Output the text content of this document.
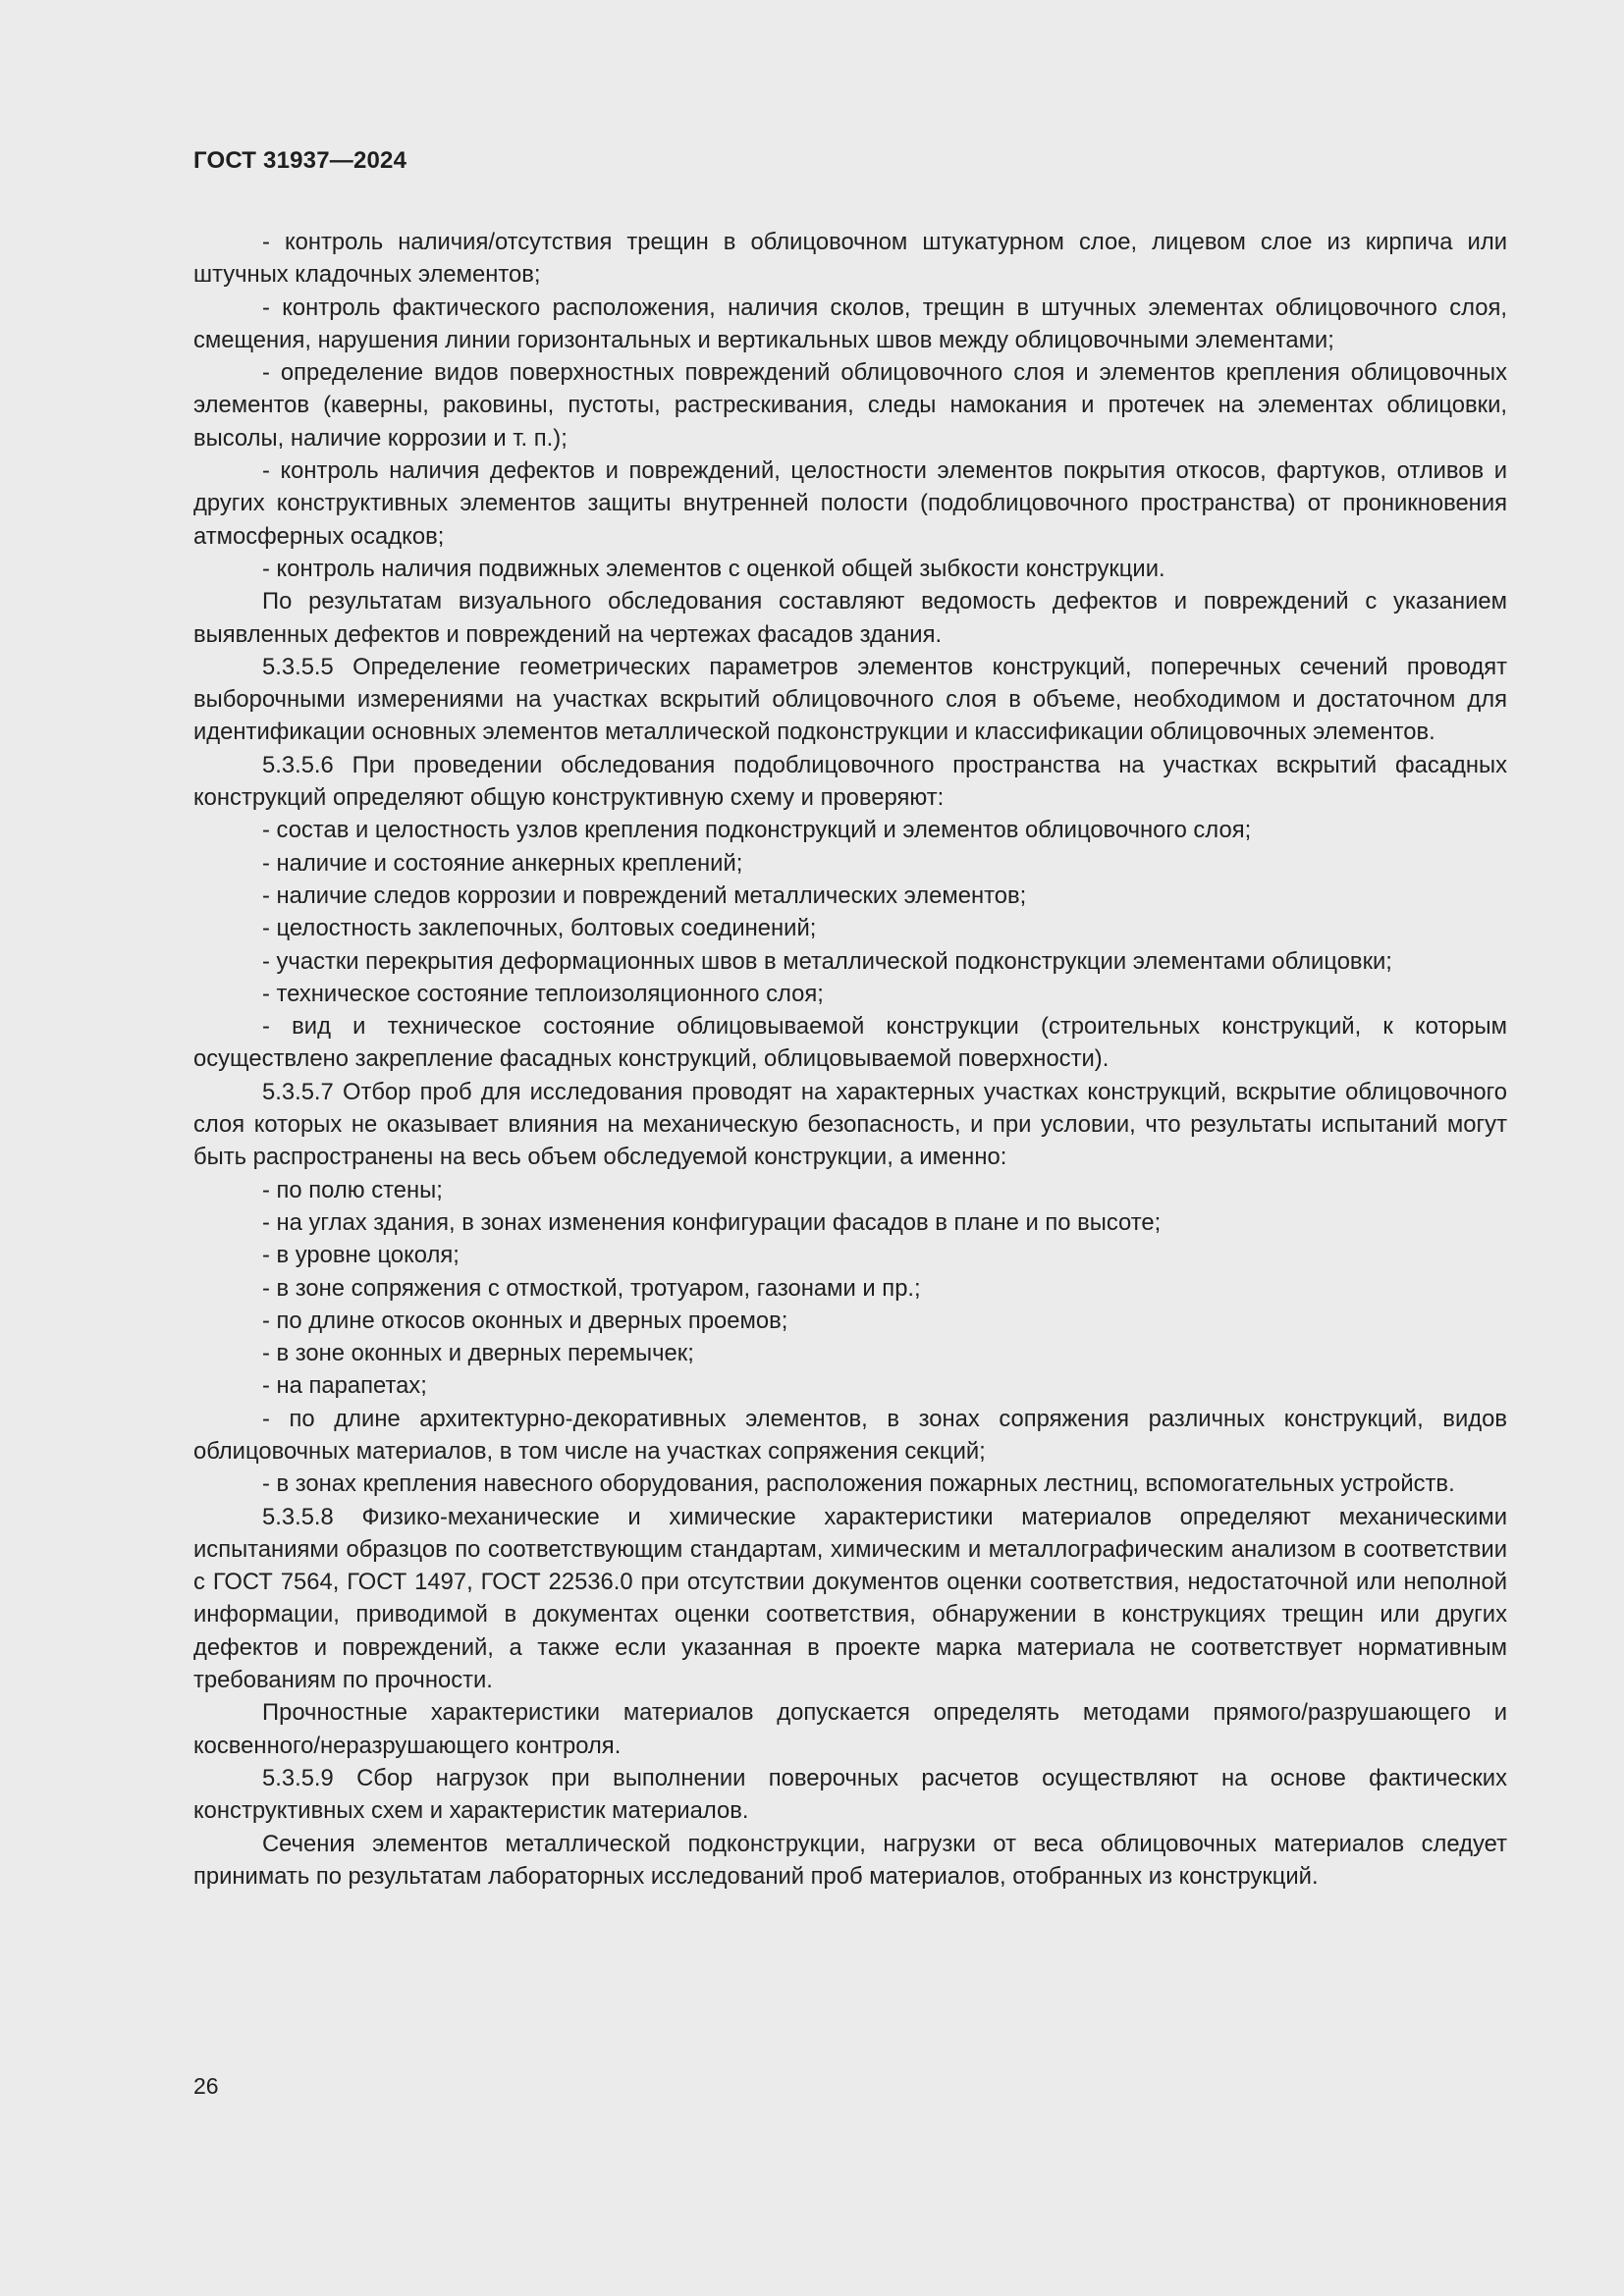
ГОСТ 31937—2024

- контроль наличия/отсутствия трещин в облицовочном штукатурном слое, лицевом слое из кирпича или штучных кладочных элементов;

- контроль фактического расположения, наличия сколов, трещин в штучных элементах облицовочного слоя, смещения, нарушения линии горизонтальных и вертикальных швов между облицовочными элементами;

- определение видов поверхностных повреждений облицовочного слоя и элементов крепления облицовочных элементов (каверны, раковины, пустоты, растрескивания, следы намокания и протечек на элементах облицовки, высолы, наличие коррозии и т. п.);

- контроль наличия дефектов и повреждений, целостности элементов покрытия откосов, фартуков, отливов и других конструктивных элементов защиты внутренней полости (подоблицовочного пространства) от проникновения атмосферных осадков;

- контроль наличия подвижных элементов с оценкой общей зыбкости конструкции.

По результатам визуального обследования составляют ведомость дефектов и повреждений с указанием выявленных дефектов и повреждений на чертежах фасадов здания.

5.3.5.5 Определение геометрических параметров элементов конструкций, поперечных сечений проводят выборочными измерениями на участках вскрытий облицовочного слоя в объеме, необходимом и достаточном для идентификации основных элементов металлической подконструкции и классификации облицовочных элементов.

5.3.5.6 При проведении обследования подоблицовочного пространства на участках вскрытий фасадных конструкций определяют общую конструктивную схему и проверяют:

- состав и целостность узлов крепления подконструкций и элементов облицовочного слоя;

- наличие и состояние анкерных креплений;

- наличие следов коррозии и повреждений металлических элементов;

- целостность заклепочных, болтовых соединений;

- участки перекрытия деформационных швов в металлической подконструкции элементами облицовки;

- техническое состояние теплоизоляционного слоя;

- вид и техническое состояние облицовываемой конструкции (строительных конструкций, к которым осуществлено закрепление фасадных конструкций, облицовываемой поверхности).

5.3.5.7 Отбор проб для исследования проводят на характерных участках конструкций, вскрытие облицовочного слоя которых не оказывает влияния на механическую безопасность, и при условии, что результаты испытаний могут быть распространены на весь объем обследуемой конструкции, а именно:

- по полю стены;

- на углах здания, в зонах изменения конфигурации фасадов в плане и по высоте;

- в уровне цоколя;

- в зоне сопряжения с отмосткой, тротуаром, газонами и пр.;

- по длине откосов оконных и дверных проемов;

- в зоне оконных и дверных перемычек;

- на парапетах;

- по длине архитектурно-декоративных элементов, в зонах сопряжения различных конструкций, видов облицовочных материалов, в том числе на участках сопряжения секций;

- в зонах крепления навесного оборудования, расположения пожарных лестниц, вспомогательных устройств.

5.3.5.8 Физико-механические и химические характеристики материалов определяют механическими испытаниями образцов по соответствующим стандартам, химическим и металлографическим анализом в соответствии с ГОСТ 7564, ГОСТ 1497, ГОСТ 22536.0 при отсутствии документов оценки соответствия, недостаточной или неполной информации, приводимой в документах оценки соответствия, обнаружении в конструкциях трещин или других дефектов и повреждений, а также если указанная в проекте марка материала не соответствует нормативным требованиям по прочности.

Прочностные характеристики материалов допускается определять методами прямого/разрушающего и косвенного/неразрушающего контроля.

5.3.5.9 Сбор нагрузок при выполнении поверочных расчетов осуществляют на основе фактических конструктивных схем и характеристик материалов.

Сечения элементов металлической подконструкции, нагрузки от веса облицовочных материалов следует принимать по результатам лабораторных исследований проб материалов, отобранных из конструкций.

26
